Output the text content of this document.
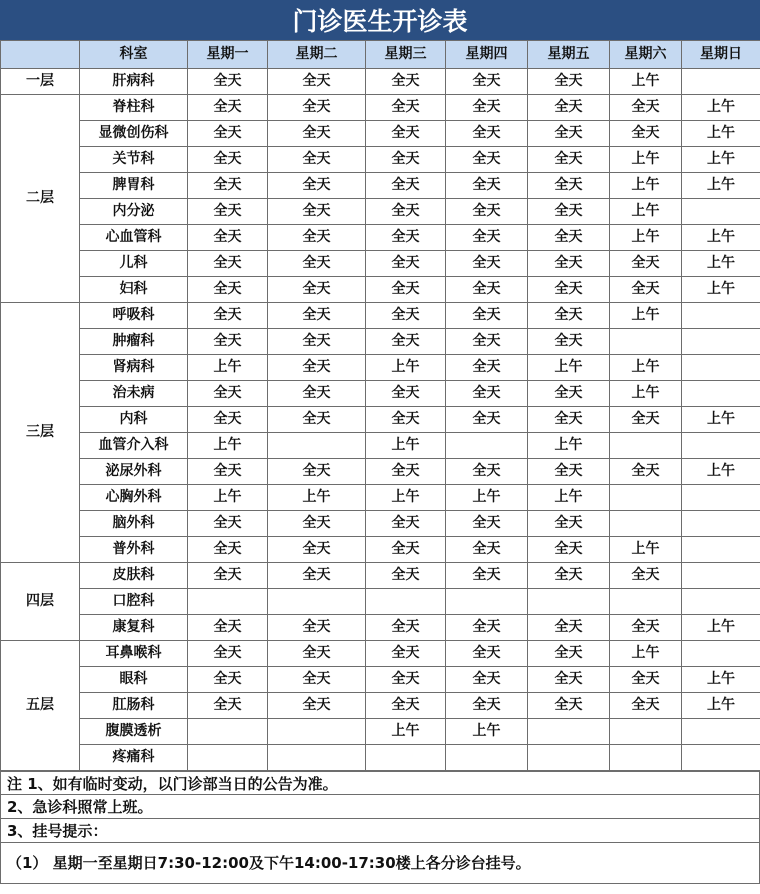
门诊医生开诊表
	科室	星期一	星期二	星期三	星期四	星期五	星期六	星期日
一层	肝病科	全天	全天	全天	全天	全天	上午	
二层	脊柱科	全天	全天	全天	全天	全天	全天	上午
	显微创伤科	全天	全天	全天	全天	全天	全天	上午
	关节科	全天	全天	全天	全天	全天	上午	上午
	脾胃科	全天	全天	全天	全天	全天	上午	上午
	内分泌	全天	全天	全天	全天	全天	上午	
	心血管科	全天	全天	全天	全天	全天	上午	上午
	儿科	全天	全天	全天	全天	全天	全天	上午
	妇科	全天	全天	全天	全天	全天	全天	上午
三层	呼吸科	全天	全天	全天	全天	全天	上午	
	肿瘤科	全天	全天	全天	全天	全天		
	肾病科	上午	全天	上午	全天	上午	上午	
	治未病	全天	全天	全天	全天	全天	上午	
	内科	全天	全天	全天	全天	全天	全天	上午
	血管介入科	上午		上午		上午		
	泌尿外科	全天	全天	全天	全天	全天	全天	上午
	心胸外科	上午	上午	上午	上午	上午		
	脑外科	全天	全天	全天	全天	全天		
	普外科	全天	全天	全天	全天	全天	上午	
四层	皮肤科	全天	全天	全天	全天	全天	全天	
	口腔科							
	康复科	全天	全天	全天	全天	全天	全天	上午
五层	耳鼻喉科	全天	全天	全天	全天	全天	上午	
	眼科	全天	全天	全天	全天	全天	全天	上午
	肛肠科	全天	全天	全天	全天	全天	全天	上午
	腹膜透析			上午	上午			
	疼痛科							
注 1、如有临时变动，以门诊部当日的公告为准。
2、急诊科照常上班。
3、挂号提示：
（1） 星期一至星期日7:30-12:00及下午14:00-17:30楼上各分诊台挂号。
